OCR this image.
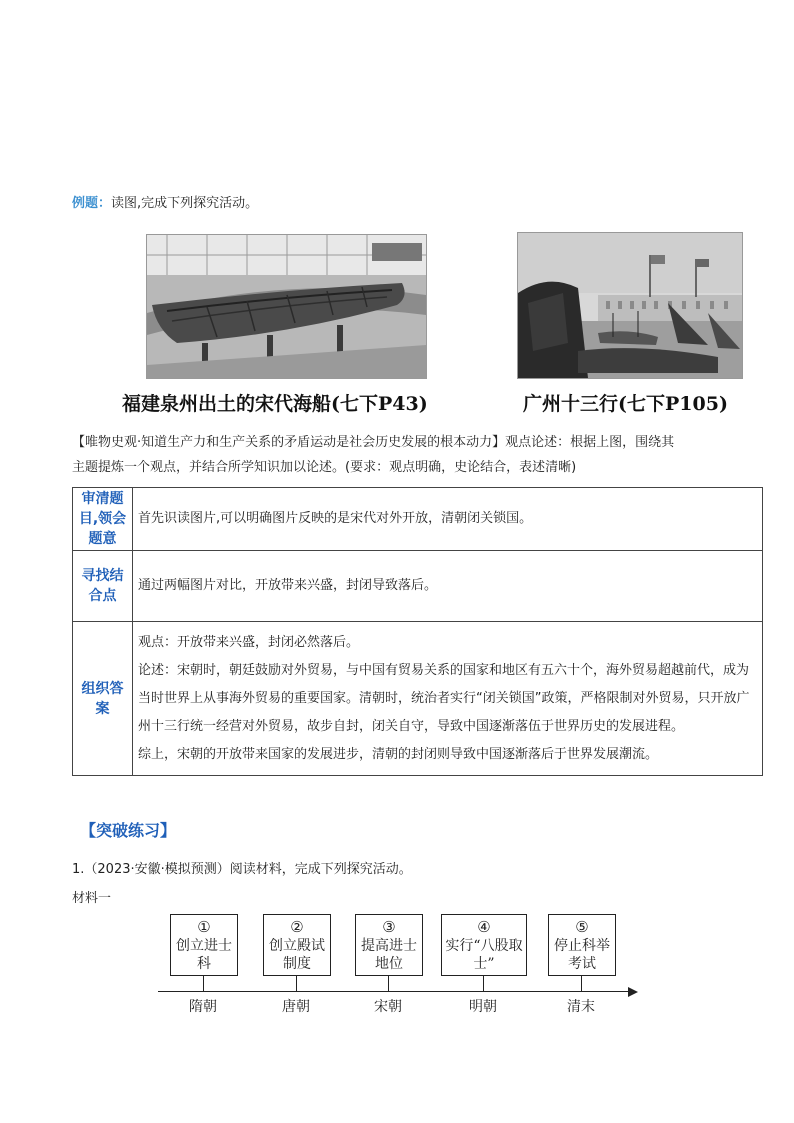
例题：读图,完成下列探究活动。
福建泉州出土的宋代海船(七下P43)	广州十三行(七下P105)
【唯物史观·知道生产力和生产关系的矛盾运动是社会历史发展的根本动力】观点论述：根据上图，围绕其
主题提炼一个观点，并结合所学知识加以论述。(要求：观点明确，史论结合，表述清晰)
审清题目,领会题意	首先识读图片,可以明确图片反映的是宋代对外开放，清朝闭关锁国。

寻找结合点	通过两幅图片对比，开放带来兴盛，封闭导致落后。

组织答案	观点：开放带来兴盛，封闭必然落后。

论述：宋朝时，朝廷鼓励对外贸易，与中国有贸易关系的国家和地区有五六十个，海外贸易超越前代，成为当时世界上从事海外贸易的重要国家。清朝时，统治者实行“闭关锁国”政策，严格限制对外贸易，只开放广州十三行统一经营对外贸易，故步自封，闭关自守，导致中国逐渐落伍于世界历史的发展进程。

综上，宋朝的开放带来国家的发展进步，清朝的封闭则导致中国逐渐落后于世界发展潮流。

【突破练习】
1.（2023·安徽·模拟预测）阅读材料，完成下列探究活动。
材料一
①
创立进士科
②
创立殿试制度
③
提高进士地位
④
实行“八股取士”
⑤
停止科举考试
隋朝	唐朝	宋朝	明朝	清末
